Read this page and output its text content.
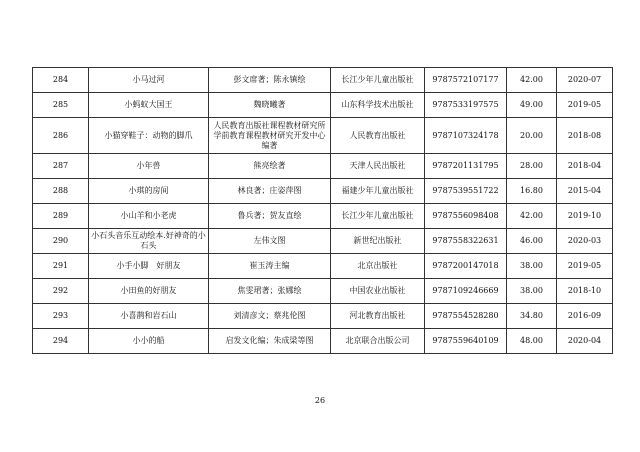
284	小马过河	彭文席著；陈永镇绘	长江少年儿童出版社	9787572107177	42.00	2020-07
285	小蚂蚁大国王	魏晓曦著	山东科学技术出版社	9787533197575	49.00	2019-05
286	小猫穿鞋子：动物的脚爪	人民教育出版社课程教材研究所学前教育课程教材研究开发中心编著	人民教育出版社	9787107324178	20.00	2018-08
287	小年兽	熊亮绘著	天津人民出版社	9787201131795	28.00	2018-04
288	小琪的房间	林良著；庄姿萍图	福建少年儿童出版社	9787539551722	16.80	2015-04
289	小山羊和小老虎	鲁兵著；贺友直绘	长江少年儿童出版社	9787556098408	42.00	2019-10
290	小石头音乐互动绘本.好神奇的小石头	左伟文图	新世纪出版社	9787558322631	46.00	2020-03
291	小手小脚　好朋友	崔玉涛主编	北京出版社	9787200147018	38.00	2019-05
292	小田鱼的好朋友	焦雯珺著；张娜绘	中国农业出版社	9787109246669	38.00	2018-10
293	小喜鹊和岩石山	刘清彦文；蔡兆伦图	河北教育出版社	9787554528280	34.80	2016-09
294	小小的船	启发文化编；朱成梁等图	北京联合出版公司	9787559640109	48.00	2020-04
26
